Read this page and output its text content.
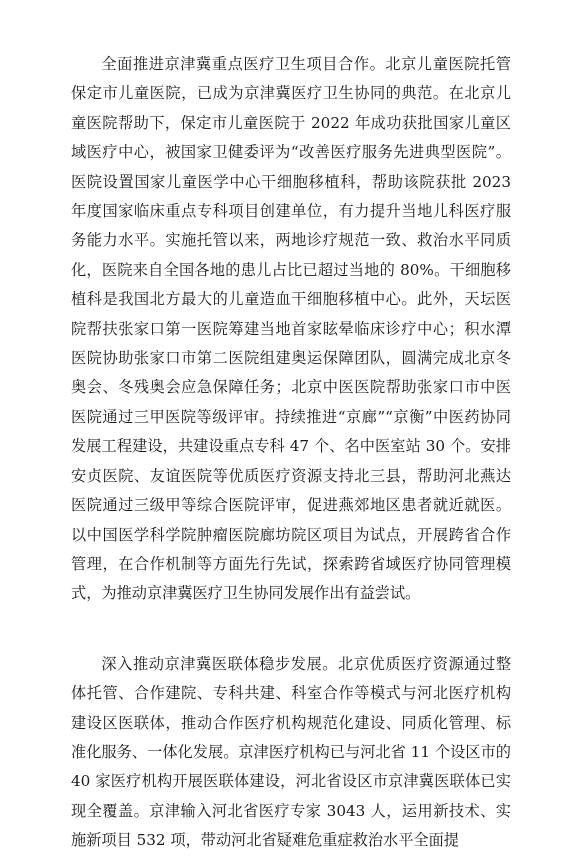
全面推进京津冀重点医疗卫生项目合作。北京儿童医院托管保定市儿童医院，已成为京津冀医疗卫生协同的典范。在北京儿童医院帮助下，保定市儿童医院于 2022 年成功获批国家儿童区域医疗中心，被国家卫健委评为“改善医疗服务先进典型医院”。医院设置国家儿童医学中心干细胞移植科，帮助该院获批 2023 年度国家临床重点专科项目创建单位，有力提升当地儿科医疗服务能力水平。实施托管以来，两地诊疗规范一致、救治水平同质化，医院来自全国各地的患儿占比已超过当地的 80%。干细胞移植科是我国北方最大的儿童造血干细胞移植中心。此外，天坛医院帮扶张家口第一医院筹建当地首家眩晕临床诊疗中心；积水潭医院协助张家口市第二医院组建奥运保障团队，圆满完成北京冬奥会、冬残奥会应急保障任务；北京中医医院帮助张家口市中医医院通过三甲医院等级评审。持续推进“京廊”“京衡”中医药协同发展工程建设，共建设重点专科 47 个、名中医室站 30 个。安排安贞医院、友谊医院等优质医疗资源支持北三县，帮助河北燕达医院通过三级甲等综合医院评审，促进燕郊地区患者就近就医。以中国医学科学院肿瘤医院廊坊院区项目为试点，开展跨省合作管理，在合作机制等方面先行先试，探索跨省域医疗协同管理模式，为推动京津冀医疗卫生协同发展作出有益尝试。

深入推动京津冀医联体稳步发展。北京优质医疗资源通过整体托管、合作建院、专科共建、科室合作等模式与河北医疗机构建设区医联体，推动合作医疗机构规范化建设、同质化管理、标准化服务、一体化发展。京津医疗机构已与河北省 11 个设区市的 40 家医疗机构开展医联体建设，河北省设区市京津冀医联体已实现全覆盖。京津输入河北省医疗专家 3043 人，运用新技术、实施新项目 532 项，带动河北省疑难危重症救治水平全面提
